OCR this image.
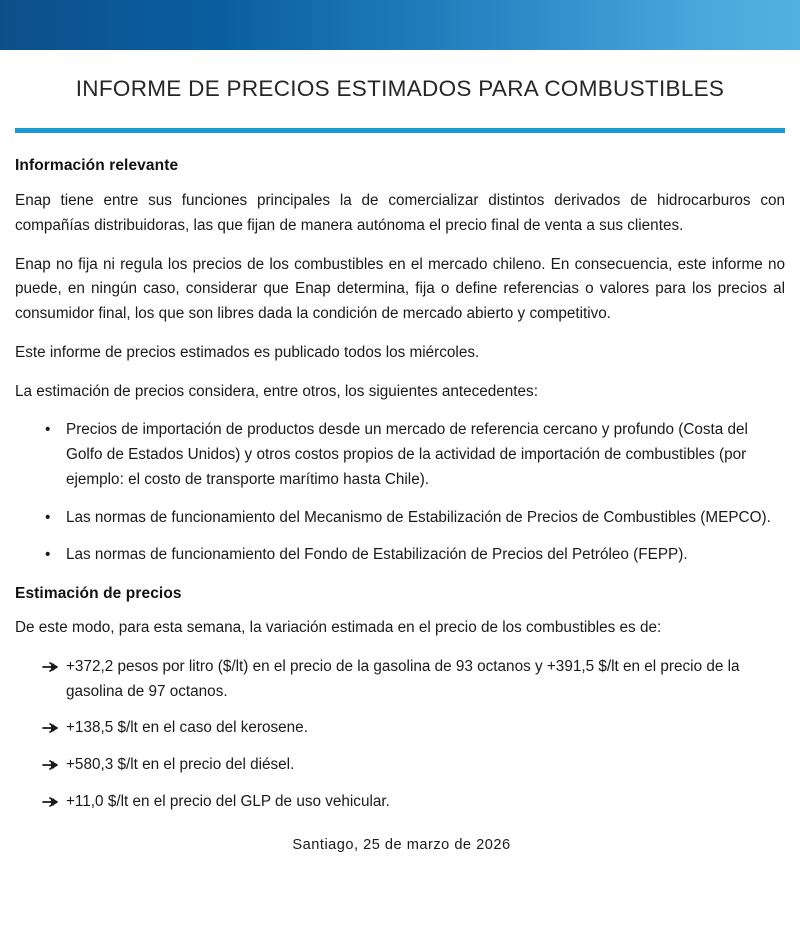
INFORME DE PRECIOS ESTIMADOS PARA COMBUSTIBLES
Información relevante

Enap tiene entre sus funciones principales la de comercializar distintos derivados de hidrocarburos con compañías distribuidoras, las que fijan de manera autónoma el precio final de venta a sus clientes.

Enap no fija ni regula los precios de los combustibles en el mercado chileno. En consecuencia, este informe no puede, en ningún caso, considerar que Enap determina, fija o define referencias o valores para los precios al consumidor final, los que son libres dada la condición de mercado abierto y competitivo.

Este informe de precios estimados es publicado todos los miércoles.

La estimación de precios considera, entre otros, los siguientes antecedentes:

• Precios de importación de productos desde un mercado de referencia cercano y profundo (Costa del Golfo de Estados Unidos) y otros costos propios de la actividad de importación de combustibles (por ejemplo: el costo de transporte marítimo hasta Chile).
• Las normas de funcionamiento del Mecanismo de Estabilización de Precios de Combustibles (MEPCO).
• Las normas de funcionamiento del Fondo de Estabilización de Precios del Petróleo (FEPP).
Estimación de precios

De este modo, para esta semana, la variación estimada en el precio de los combustibles es de:

+372,2 pesos por litro ($/lt) en el precio de la gasolina de 93 octanos y +391,5 $/lt en el precio de la gasolina de 97 octanos.
+138,5 $/lt en el caso del kerosene.
+580,3 $/lt en el precio del diésel.
+11,0 $/lt en el precio del GLP de uso vehicular.
Santiago, 25 de marzo de 2026
